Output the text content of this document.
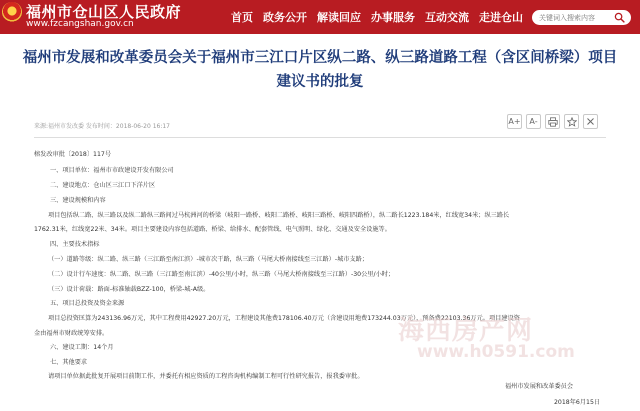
福州市仓山区人民政府
www.fzcangshan.gov.cn	首页 政务公开 解读回应 办事服务 互动交流 走进仓山
关键词入搜索内容
福州市发展和改革委员会关于福州市三江口片区纵二路、纵三路道路工程（含区间桥梁）项目建议书的批复
来源:福州市发改委 发布时间：2018-06-20 16:17
A+ A-
榕发改审批〔2018〕117号
一、项目单位：福州市市政建设开发有限公司
二、建设地点：仓山区三江口下洋片区
三、建设规模和内容
项目包括纵二路、纵三路以及纵二路纵三路间过马杭洲河的桥梁（岐阳一路桥、岐阳二路桥、岐阳三路桥、岐阳四路桥），纵二路长1223.184米，红线宽34米；纵三路长
1762.31米，红线宽22米、34米。项目主要建设内容包括道路、桥梁、给排水、配套管线、电气照明、绿化、交通及安全设施等。
四、主要技术指标
（一）道路等级：纵二路、纵三路（三江路至南江滨）-城市次干路，纵三路（马尾大桥南接线至三江路）-城市支路；
（二）设计行车速度：纵二路、纵三路（三江路至南江滨）-40公里/小时，纵三路（马尾大桥南接线至三江路）-30公里/小时；
（三）设计荷载：路面-标准轴载BZZ-100，桥梁-城-A级。
五、项目总投资及资金来源
项目总投资匡算为243136.96万元，其中工程费用42927.20万元，工程建设其他费178106.40万元（含建设用地费173244.03万元），预备费22103.36万元。项目建设资
金由福州市财政统筹安排。
六、建设工期：14个月
七、其他要求
请项目单位据此批复开展项目前期工作，并委托有相应资质的工程咨询机构编制工程可行性研究报告，报我委审批。
福州市发展和改革委员会
2018年6月15日
海西房产网
www.h0591.com
